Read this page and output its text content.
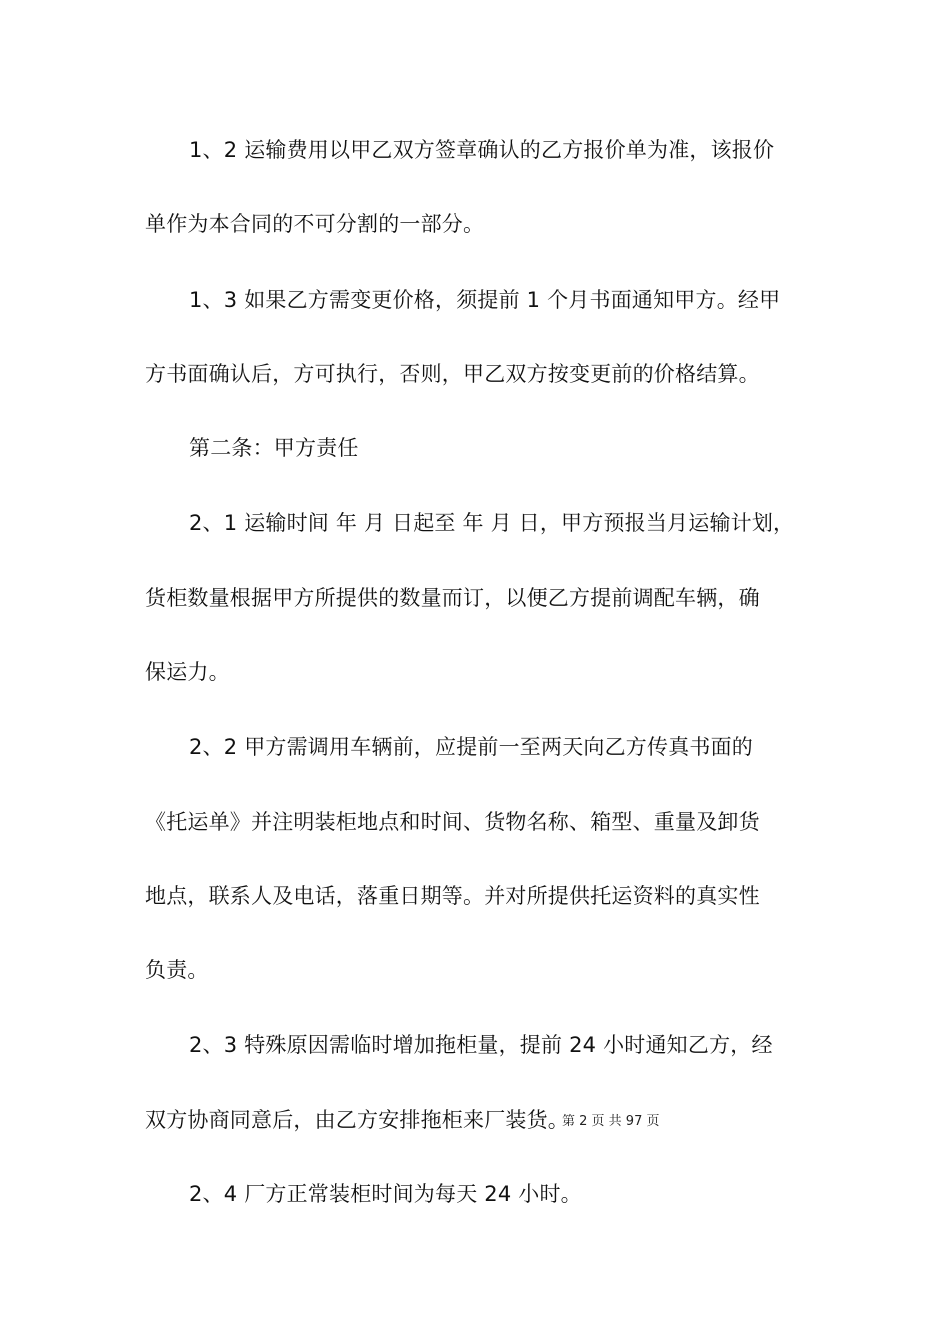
1、2 运输费用以甲乙双方签章确认的乙方报价单为准，该报价
单作为本合同的不可分割的一部分。
1、3 如果乙方需变更价格，须提前 1 个月书面通知甲方。经甲
方书面确认后，方可执行，否则，甲乙双方按变更前的价格结算。
第二条：甲方责任
2、1 运输时间 年 月 日起至 年 月 日，甲方预报当月运输计划，
货柜数量根据甲方所提供的数量而订，以便乙方提前调配车辆，确
保运力。
2、2 甲方需调用车辆前，应提前一至两天向乙方传真书面的
《托运单》并注明装柜地点和时间、货物名称、箱型、重量及卸货
地点，联系人及电话，落重日期等。并对所提供托运资料的真实性
负责。
2、3 特殊原因需临时增加拖柜量，提前 24 小时通知乙方，经
双方协商同意后，由乙方安排拖柜来厂装货。
2、4 厂方正常装柜时间为每天 24 小时。
第 2 页 共 97 页
